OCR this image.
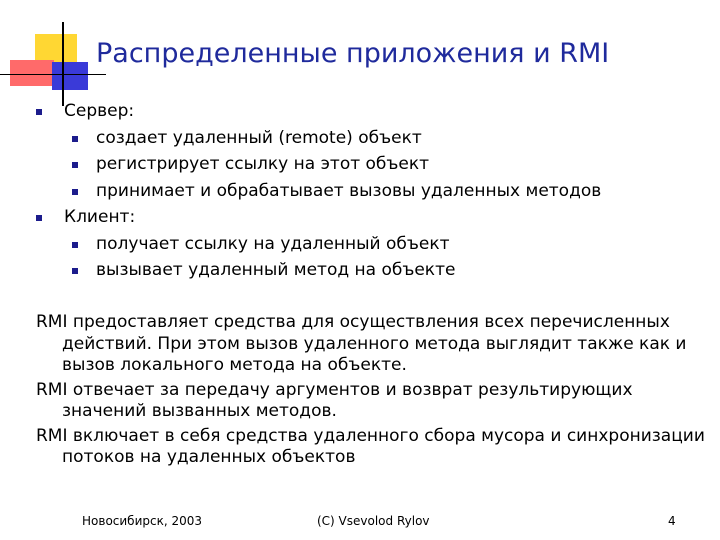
Распределенные приложения и RMI
Сервер:
создает удаленный (remote) объект
регистрирует ссылку на этот объект
принимает и обрабатывает вызовы удаленных методов
Клиент:
получает ссылку на удаленный объект
вызывает удаленный метод на объекте
RMI предоставляет средства для осуществления всех перечисленных действий. При этом вызов удаленного метода выглядит также как и вызов локального метода на объекте.
RMI отвечает за передачу аргументов и возврат результирующих значений вызванных методов.
RMI включает в себя средства удаленного сбора мусора и синхронизации потоков на удаленных объектов
Новосибирск, 2003	(C) Vsevolod Rylov	4
